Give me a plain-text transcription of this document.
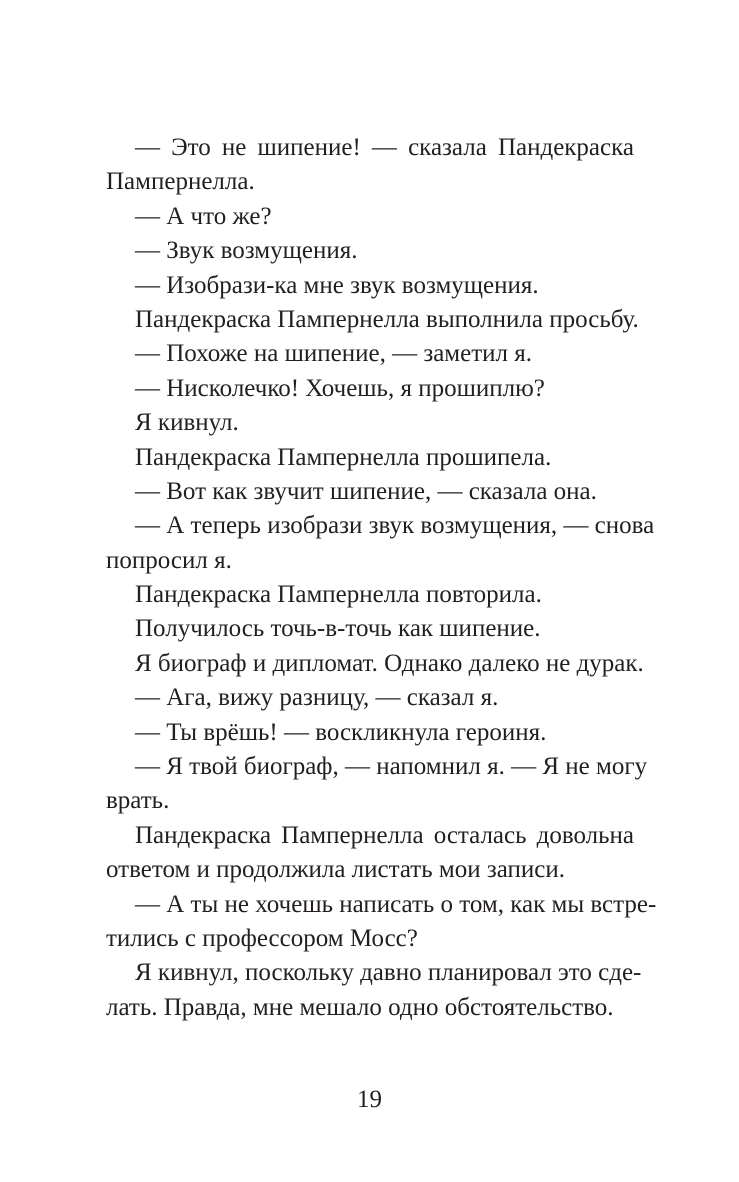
— Это не шипение! — сказала Пандекраска
Пампернелла.
— А что же?
— Звук возмущения.
— Изобрази-ка мне звук возмущения.
Пандекраска Пампернелла выполнила просьбу.
— Похоже на шипение, — заметил я.
— Нисколечко! Хочешь, я прошиплю?
Я кивнул.
Пандекраска Пампернелла прошипела.
— Вот как звучит шипение, — сказала она.
— А теперь изобрази звук возмущения, — снова
попросил я.
Пандекраска Пампернелла повторила.
Получилось точь-в-точь как шипение.
Я биограф и дипломат. Однако далеко не дурак.
— Ага, вижу разницу, — сказал я.
— Ты врёшь! — воскликнула героиня.
— Я твой биограф, — напомнил я. — Я не могу
врать.
Пандекраска Пампернелла осталась довольна
ответом и продолжила листать мои записи.
— А ты не хочешь написать о том, как мы встре-
тились с профессором Мосс?
Я кивнул, поскольку давно планировал это сде-
лать. Правда, мне мешало одно обстоятельство.
19
